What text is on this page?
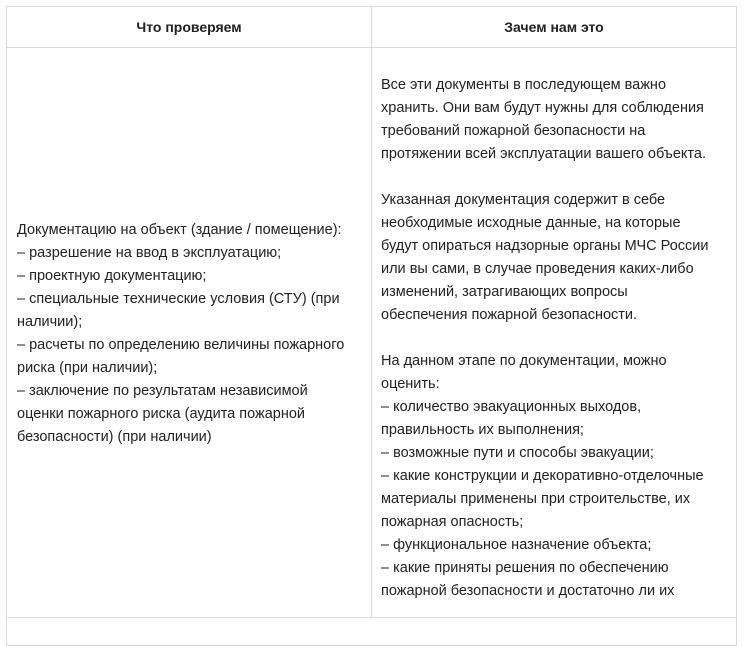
Что проверяем	Зачем нам это
Документацию на объект (здание / помещение):
– разрешение на ввод в эксплуатацию;
– проектную документацию;
– специальные технические условия (СТУ) (при
наличии);
– расчеты по определению величины пожарного
риска (при наличии);
– заключение по результатам независимой
оценки пожарного риска (аудита пожарной
безопасности) (при наличии)
Все эти документы в последующем важно
хранить. Они вам будут нужны для соблюдения
требований пожарной безопасности на
протяжении всей эксплуатации вашего объекта.
Указанная документация содержит в себе
необходимые исходные данные, на которые
будут опираться надзорные органы МЧС России
или вы сами, в случае проведения каких-либо
изменений, затрагивающих вопросы
обеспечения пожарной безопасности.
На данном этапе по документации, можно
оценить:
– количество эвакуационных выходов,
правильность их выполнения;
– возможные пути и способы эвакуации;
– какие конструкции и декоративно-отделочные
материалы применены при строительстве, их
пожарная опасность;
– функциональное назначение объекта;
– какие приняты решения по обеспечению
пожарной безопасности и достаточно ли их
